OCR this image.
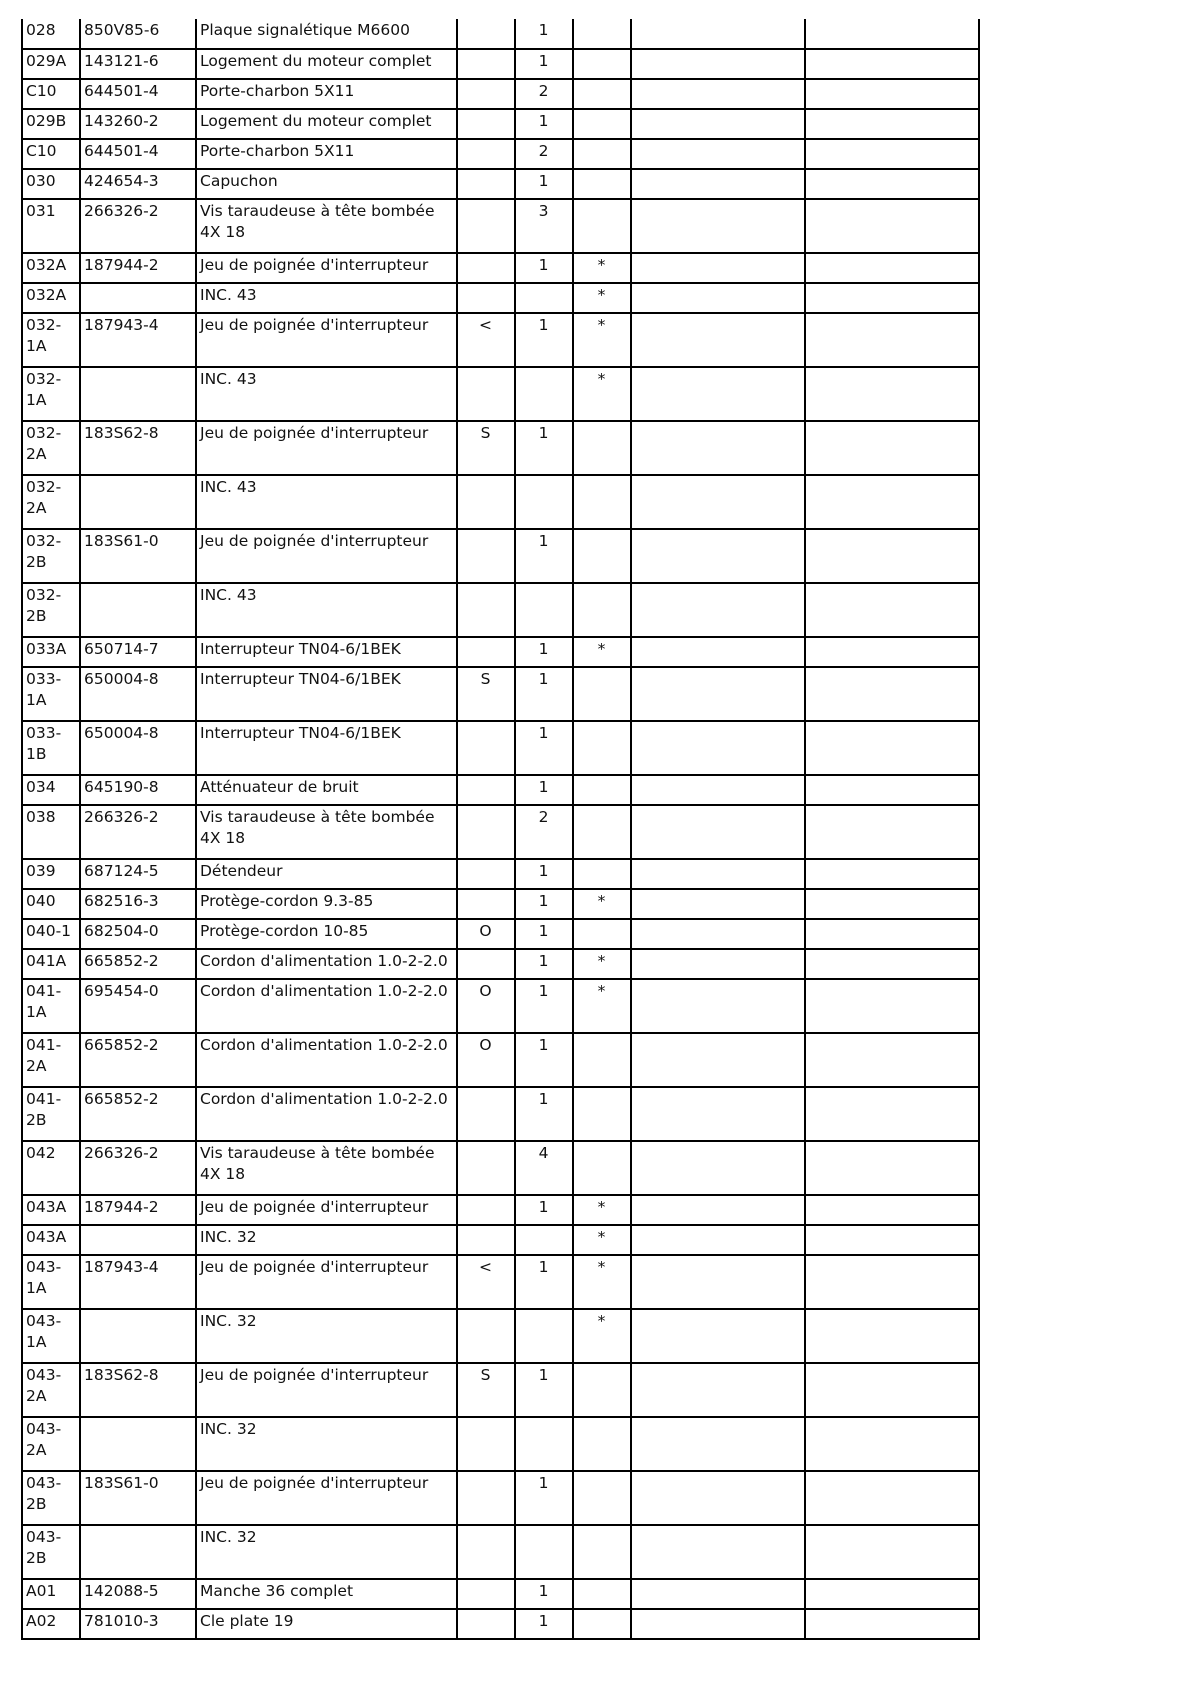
028	850V85-6	Plaque signalétique M6600		1			
029A	143121-6	Logement du moteur complet		1			
C10	644501-4	Porte-charbon 5X11		2			
029B	143260-2	Logement du moteur complet		1			
C10	644501-4	Porte-charbon 5X11		2			
030	424654-3	Capuchon		1			
031	266326-2	Vis taraudeuse à tête bombée 4X 18		3			
032A	187944-2	Jeu de poignée d'interrupteur		1	*		
032A		INC. 43			*		
032-1A	187943-4	Jeu de poignée d'interrupteur	<	1	*		
032-1A		INC. 43			*		
032-2A	183S62-8	Jeu de poignée d'interrupteur	S	1			
032-2A		INC. 43					
032-2B	183S61-0	Jeu de poignée d'interrupteur		1			
032-2B		INC. 43					
033A	650714-7	Interrupteur TN04-6/1BEK		1	*		
033-1A	650004-8	Interrupteur TN04-6/1BEK	S	1			
033-1B	650004-8	Interrupteur TN04-6/1BEK		1			
034	645190-8	Atténuateur de bruit		1			
038	266326-2	Vis taraudeuse à tête bombée 4X 18		2			
039	687124-5	Détendeur		1			
040	682516-3	Protège-cordon 9.3-85		1	*		
040-1	682504-0	Protège-cordon 10-85	O	1			
041A	665852-2	Cordon d'alimentation 1.0-2-2.0		1	*		
041-1A	695454-0	Cordon d'alimentation 1.0-2-2.0	O	1	*		
041-2A	665852-2	Cordon d'alimentation 1.0-2-2.0	O	1			
041-2B	665852-2	Cordon d'alimentation 1.0-2-2.0		1			
042	266326-2	Vis taraudeuse à tête bombée 4X 18		4			
043A	187944-2	Jeu de poignée d'interrupteur		1	*		
043A		INC. 32			*		
043-1A	187943-4	Jeu de poignée d'interrupteur	<	1	*		
043-1A		INC. 32			*		
043-2A	183S62-8	Jeu de poignée d'interrupteur	S	1			
043-2A		INC. 32					
043-2B	183S61-0	Jeu de poignée d'interrupteur		1			
043-2B		INC. 32					
A01	142088-5	Manche 36 complet		1			
A02	781010-3	Cle plate 19		1			
